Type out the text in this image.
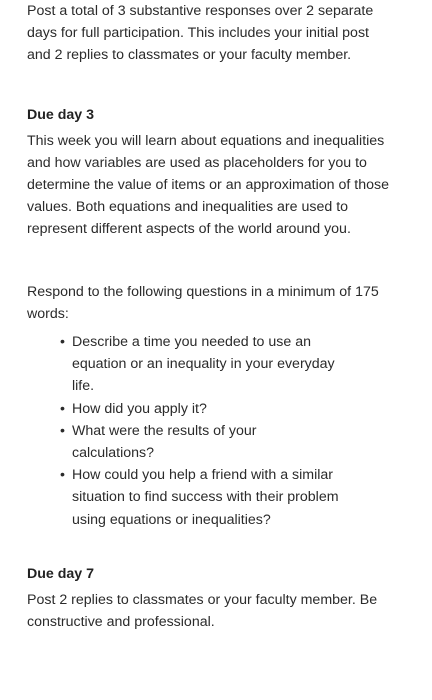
Post a total of 3 substantive responses over 2 separate days for full participation. This includes your initial post and 2 replies to classmates or your faculty member.

Due day 3

This week you will learn about equations and inequalities and how variables are used as placeholders for you to determine the value of items or an approximation of those values. Both equations and inequalities are used to represent different aspects of the world around you.

Respond to the following questions in a minimum of 175 words:

• Describe a time you needed to use an equation or an inequality in your everyday life.
• How did you apply it?
• What were the results of your calculations?
• How could you help a friend with a similar situation to find success with their problem using equations or inequalities?

Due day 7

Post 2 replies to classmates or your faculty member. Be constructive and professional.
